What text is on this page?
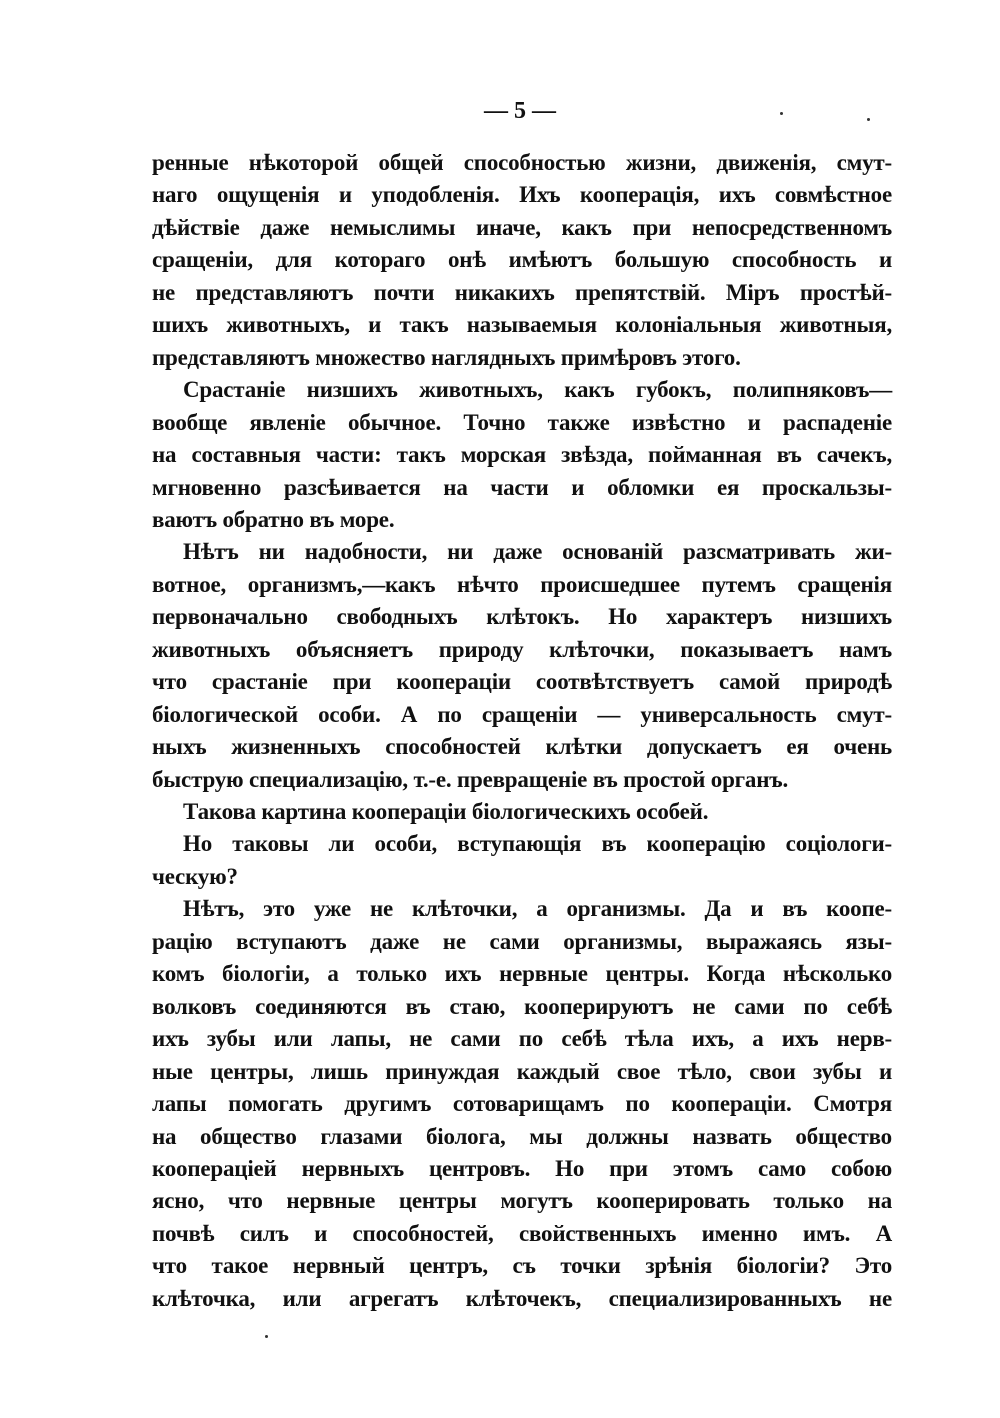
— 5 —
ренные нѣкоторой общей способностью жизни, движенія, смут-
наго ощущенія и уподобленія. Ихъ кооперація, ихъ совмѣстное
дѣйствіе даже немыслимы иначе, какъ при непосредственномъ
сращеніи, для котораго онѣ имѣютъ большую способность и
не представляютъ почти никакихъ препятствій. Міръ простѣй-
шихъ животныхъ, и такъ называемыя колоніальныя животныя,
представляютъ множество наглядныхъ примѣровъ этого.
Срастаніе низшихъ животныхъ, какъ губокъ, полипняковъ—
вообще явленіе обычное. Точно также извѣстно и распаденіе
на составныя части: такъ морская звѣзда, пойманная въ сачекъ,
мгновенно разсѣивается на части и обломки ея проскальзы-
ваютъ обратно въ море.
Нѣтъ ни надобности, ни даже основаній разсматривать жи-
вотное, организмъ,—какъ нѣчто происшедшее путемъ сращенія
первоначально свободныхъ клѣтокъ. Но характеръ низшихъ
животныхъ объясняетъ природу клѣточки, показываетъ намъ
что срастаніе при коопераціи соотвѣтствуетъ самой природѣ
біологической особи. А по сращеніи — универсальность смут-
ныхъ жизненныхъ способностей клѣтки допускаетъ ея очень
быструю специализацію, т.-е. превращеніе въ простой органъ.
Такова картина коопераціи біологическихъ особей.
Но таковы ли особи, вступающія въ кооперацію соціологи-
ческую?
Нѣтъ, это уже не клѣточки, а организмы. Да и въ коопе-
рацію вступаютъ даже не сами организмы, выражаясь язы-
комъ біологіи, а только ихъ нервные центры. Когда нѣсколько
волковъ соединяются въ стаю, кооперируютъ не сами по себѣ
ихъ зубы или лапы, не сами по себѣ тѣла ихъ, а ихъ нерв-
ные центры, лишь принуждая каждый свое тѣло, свои зубы и
лапы помогать другимъ сотоварищамъ по коопераціи. Смотря
на общество глазами біолога, мы должны назвать общество
коопераціей нервныхъ центровъ. Но при этомъ само собою
ясно, что нервные центры могутъ кооперировать только на
почвѣ силъ и способностей, свойственныхъ именно имъ. А
что такое нервный центръ, съ точки зрѣнія біологіи? Это
клѣточка, или агрегатъ клѣточекъ, специализированныхъ не
